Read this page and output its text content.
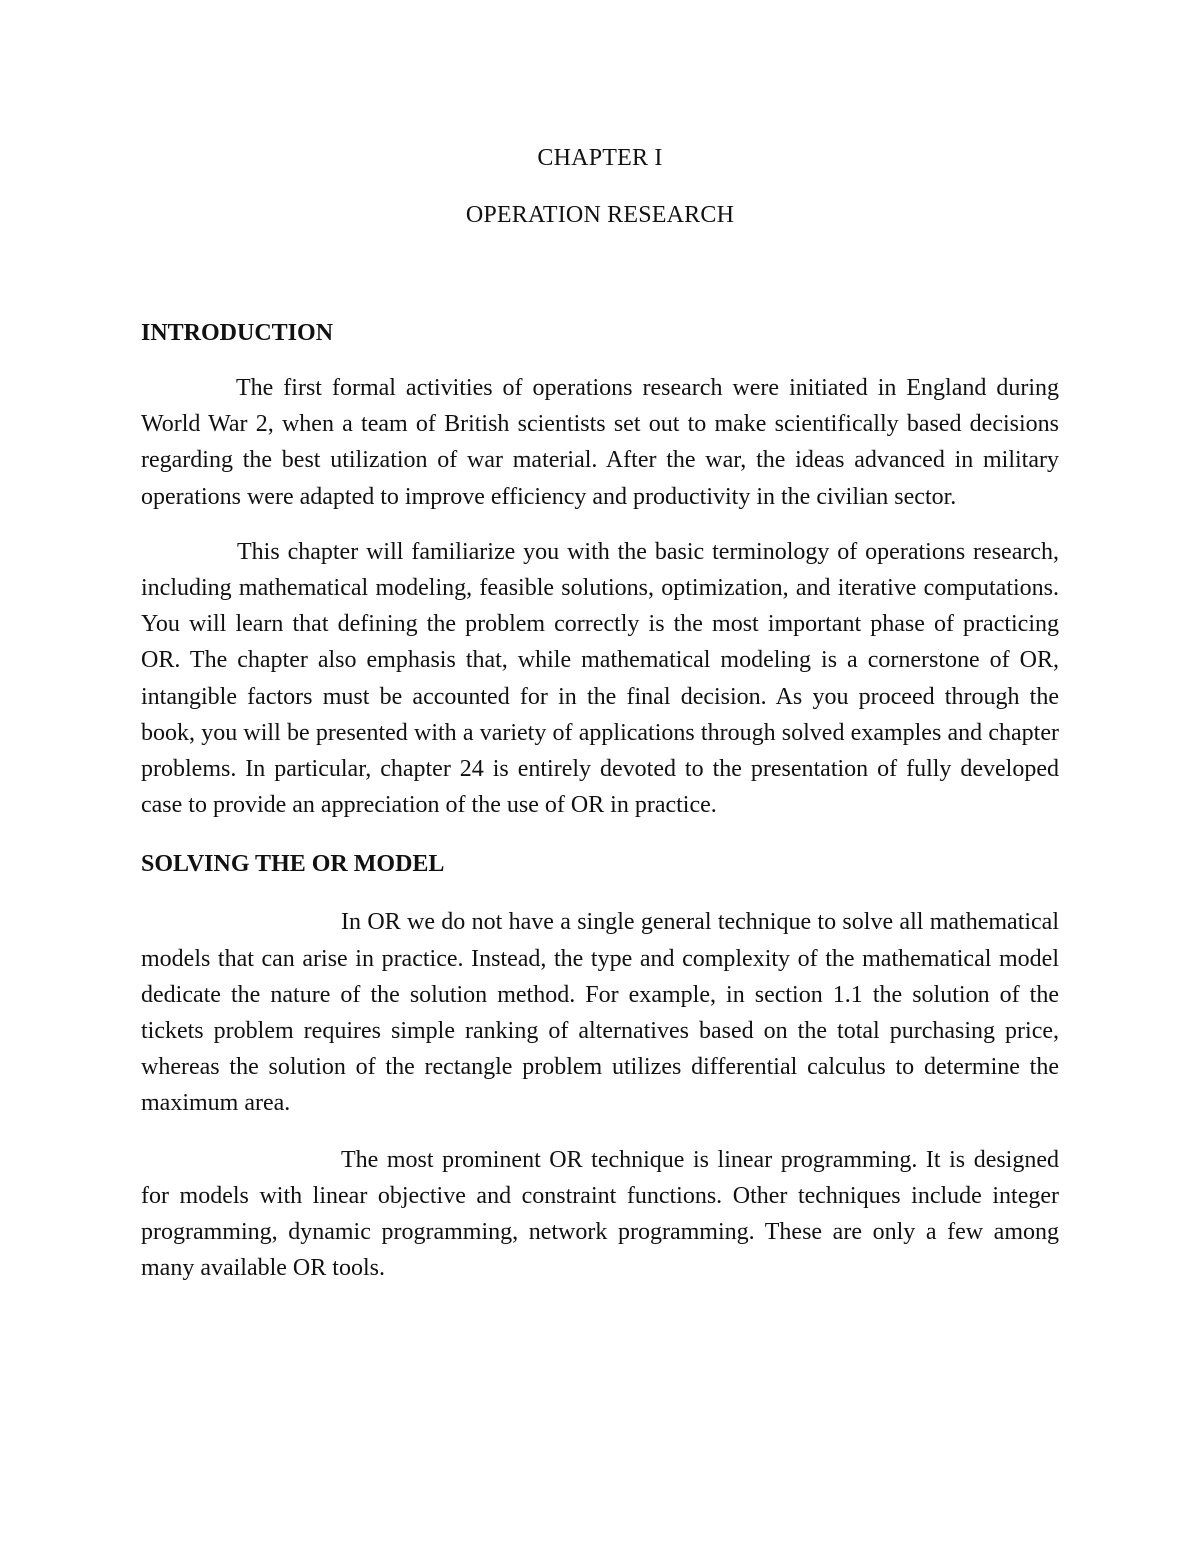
CHAPTER I
OPERATION RESEARCH
INTRODUCTION

The first formal activities of operations research were initiated in England during World War 2, when a team of British scientists set out to make scientifically based decisions regarding the best utilization of war material. After the war, the ideas advanced in military operations were adapted to improve efficiency and productivity in the civilian sector.

This chapter will familiarize you with the basic terminology of operations research, including mathematical modeling, feasible solutions, optimization, and iterative computations. You will learn that defining the problem correctly is the most important phase of practicing OR. The chapter also emphasis that, while mathematical modeling is a cornerstone of OR, intangible factors must be accounted for in the final decision. As you proceed through the book, you will be presented with a variety of applications through solved examples and chapter problems. In particular, chapter 24 is entirely devoted to the presentation of fully developed case to provide an appreciation of the use of OR in practice.

SOLVING THE OR MODEL

In OR we do not have a single general technique to solve all mathematical models that can arise in practice. Instead, the type and complexity of the mathematical model dedicate the nature of the solution method. For example, in section 1.1 the solution of the tickets problem requires simple ranking of alternatives based on the total purchasing price, whereas the solution of the rectangle problem utilizes differential calculus to determine the maximum area.

The most prominent OR technique is linear programming. It is designed for models with linear objective and constraint functions. Other techniques include integer programming, dynamic programming, network programming. These are only a few among many available OR tools.
